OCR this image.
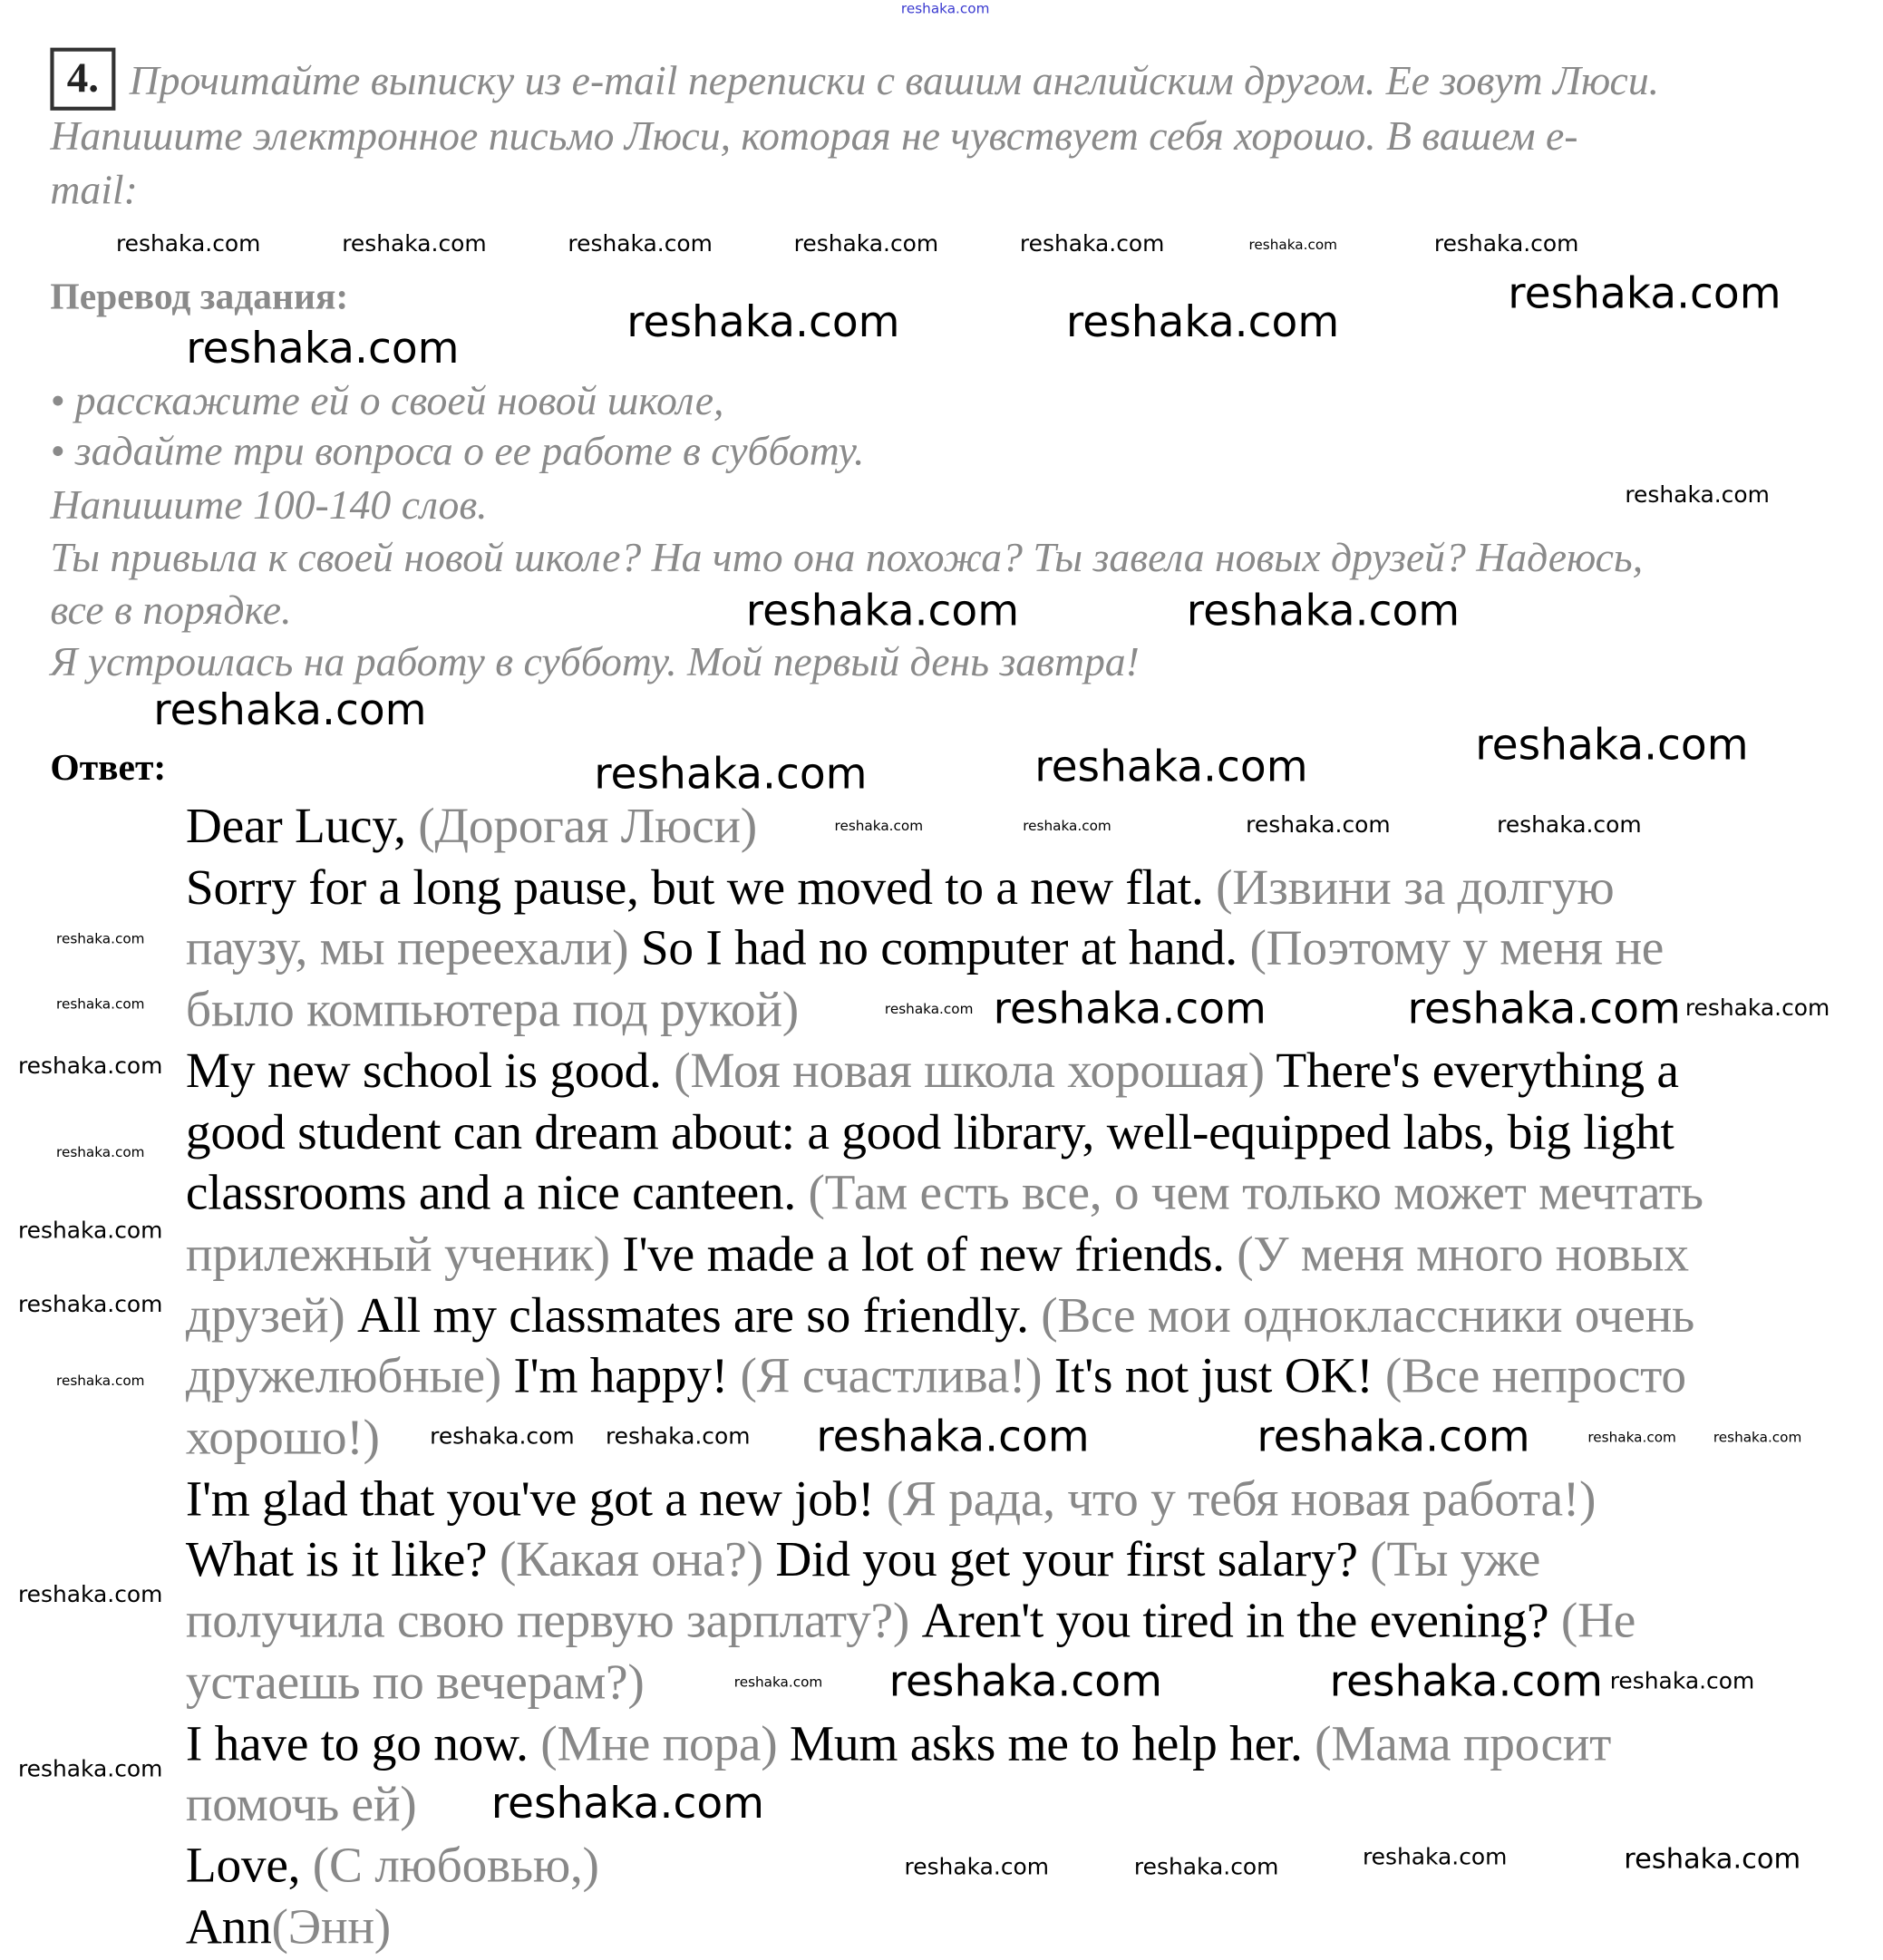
4.	Прочитайте выписку из e-mail переписки с вашим английским другом. Ее зовут Люси.
Напишите электронное письмо Люси, которая не чувствует себя хорошо. В вашем e-
mail:
Перевод задания:
• расскажите ей о своей новой школе,
• задайте три вопроса о ее работе в субботу.
Напишите 100-140 слов.
Ты привыла к своей новой школе? На что она похожа? Ты завела новых друзей? Надеюсь,
все в порядке.
Я устроилась на работу в субботу. Мой первый день завтра!
Ответ:
Dear Lucy, (Дорогая Люси)
Sorry for a long pause, but we moved to a new flat. (Извини за долгую
паузу, мы переехали) So I had no computer at hand. (Поэтому у меня не
было компьютера под рукой)
My new school is good. (Моя новая школа хорошая) There's everything a
good student can dream about: a good library, well-equipped labs, big light
classrooms and a nice canteen. (Там есть все, о чем только может мечтать
прилежный ученик) I've made a lot of new friends. (У меня много новых
друзей) All my classmates are so friendly. (Все мои одноклассники очень
дружелюбные) I'm happy! (Я счастлива!) It's not just OK! (Все непросто
хорошо!)
I'm glad that you've got a new job! (Я рада, что у тебя новая работа!)
What is it like? (Какая она?) Did you get your first salary? (Ты уже
получила свою первую зарплату?) Aren't you tired in the evening? (Не
устаешь по вечерам?)
I have to go now. (Мне пора) Mum asks me to help her. (Мама просит
помочь ей)
Love, (С любовью,)
Ann(Энн)
reshaka.com
reshaka.com	reshaka.com	reshaka.com	reshaka.com	reshaka.com	reshaka.com	reshaka.com
reshaka.com	reshaka.com
reshaka.com
reshaka.com
reshaka.com
reshaka.com	reshaka.com
reshaka.com
reshaka.com	reshaka.com	reshaka.com
reshaka.com	reshaka.com	reshaka.com	reshaka.com
reshaka.com
reshaka.com
reshaka.com
reshaka.com
reshaka.com
reshaka.com
reshaka.com
reshaka.com
reshaka.com
reshaka.com reshaka.com	reshaka.com reshaka.com
reshaka.com reshaka.com reshaka.com	reshaka.com	reshaka.com	reshaka.com
reshaka.com reshaka.com	reshaka.com reshaka.com
reshaka.com
reshaka.com	reshaka.com	reshaka.com	reshaka.com
